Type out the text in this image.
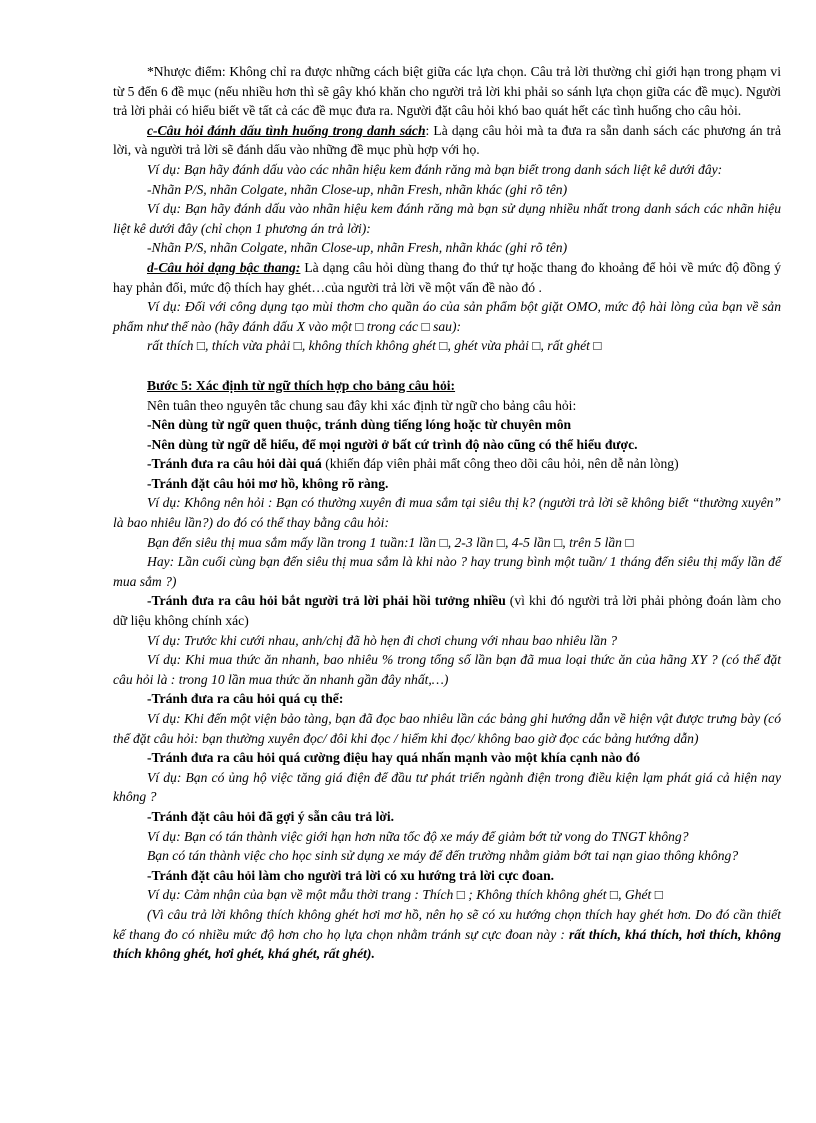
*Nhược điểm: Không chỉ ra được những cách biệt giữa các lựa chọn. Câu trả lời thường chỉ giới hạn trong phạm vi từ 5 đến 6 đề mục (nếu nhiều hơn thì sẽ gây khó khăn cho người trả lời khi phải so sánh lựa chọn giữa các đề mục). Người trả lời phải có hiểu biết về tất cả các đề mục đưa ra. Người đặt câu hỏi khó bao quát hết các tình huống cho câu hỏi.

c-Câu hỏi đánh dấu tình huống trong danh sách: Là dạng câu hỏi mà ta đưa ra sẵn danh sách các phương án trả lời, và người trả lời sẽ đánh dấu vào những đề mục phù hợp với họ.

Ví dụ: Bạn hãy đánh dấu vào các nhãn hiệu kem đánh răng mà bạn biết trong danh sách liệt kê dưới đây:

-Nhãn P/S, nhãn Colgate, nhãn Close-up, nhãn Fresh, nhãn khác (ghi rõ tên)

Ví dụ: Bạn hãy đánh dấu vào nhãn hiệu kem đánh răng mà bạn sử dụng nhiều nhất trong danh sách các nhãn hiệu liệt kê dưới đây (chỉ chọn 1 phương án trả lời):

-Nhãn P/S, nhãn Colgate, nhãn Close-up, nhãn Fresh, nhãn khác (ghi rõ tên)

d-Câu hỏi dạng bậc thang: Là dạng câu hỏi dùng thang đo thứ tự hoặc thang đo khoảng để hỏi về mức độ đồng ý hay phản đối, mức độ thích hay ghét…của người trả lời về một vấn đề nào đó .

Ví dụ: Đối với công dụng tạo mùi thơm cho quần áo của sản phẩm bột giặt OMO, mức độ hài lòng của bạn về sản phẩm như thế nào (hãy đánh dấu X vào một □ trong các □ sau):

rất thích □, thích vừa phải □, không thích không ghét □, ghét vừa phải □, rất ghét □

Bước 5: Xác định từ ngữ thích hợp cho bảng câu hỏi:

Nên tuân theo nguyên tắc chung sau đây khi xác định từ ngữ cho bảng câu hỏi:

-Nên dùng từ ngữ quen thuộc, tránh dùng tiếng lóng hoặc từ chuyên môn

-Nên dùng từ ngữ dễ hiểu, để mọi người ở bất cứ trình độ nào cũng có thể hiểu được.

-Tránh đưa ra câu hỏi dài quá (khiến đáp viên phải mất công theo dõi câu hỏi, nên dễ nản lòng)

-Tránh đặt câu hỏi mơ hồ, không rõ ràng.

Ví dụ: Không nên hỏi : Bạn có thường xuyên đi mua sắm tại siêu thị k? (người trả lời sẽ không biết “thường xuyên” là bao nhiêu lần?) do đó có thể thay bằng câu hỏi:

Bạn đến siêu thị mua sắm mấy lần trong 1 tuần:1 lần □, 2-3 lần □, 4-5 lần □, trên 5 lần □

Hay: Lần cuối cùng bạn đến siêu thị mua sắm là khi nào ? hay trung bình một tuần/ 1 tháng đến siêu thị mấy lần để mua sắm ?)

-Tránh đưa ra câu hỏi bắt người trả lời phải hồi tưởng nhiều (vì khi đó người trả lời phải phỏng đoán làm cho dữ liệu không chính xác)

Ví dụ: Trước khi cưới nhau, anh/chị đã hò hẹn đi chơi chung với nhau bao nhiêu lần ?

Ví dụ: Khi mua thức ăn nhanh, bao nhiêu % trong tổng số lần bạn đã mua loại thức ăn của hãng XY ? (có thể đặt câu hỏi là : trong 10 lần mua thức ăn nhanh gần đây nhất,…)

-Tránh đưa ra câu hỏi quá cụ thể:

Ví dụ: Khi đến một viện bảo tàng, bạn đã đọc bao nhiêu lần các bảng ghi hướng dẫn về hiện vật được trưng bày (có thể đặt câu hỏi: bạn thường xuyên đọc/ đôi khi đọc / hiếm khi đọc/ không bao giờ đọc các bảng hướng dẫn)

-Tránh đưa ra câu hỏi quá cường điệu hay quá nhấn mạnh vào một khía cạnh nào đó

Ví dụ: Bạn có ủng hộ việc tăng giá điện để đầu tư phát triển ngành điện trong điều kiện lạm phát giá cả hiện nay không ?

-Tránh đặt câu hỏi đã gợi ý sẵn câu trả lời.

Ví dụ: Bạn có tán thành việc giới hạn hơn nữa tốc độ xe máy để giảm bớt tử vong do TNGT không?

Bạn có tán thành việc cho học sinh sử dụng xe máy để đến trường nhằm giảm bớt tai nạn giao thông không?

-Tránh đặt câu hỏi làm cho người trả lời có xu hướng trả lời cực đoan.

Ví dụ: Cảm nhận của bạn về một mẫu thời trang : Thích □ ; Không thích không ghét □, Ghét □

(Vì câu trả lời không thích không ghét hơi mơ hồ, nên họ sẽ có xu hướng chọn thích hay ghét hơn. Do đó cần thiết kế thang đo có nhiều mức độ hơn cho họ lựa chọn nhằm tránh sự cực đoan này : rất thích, khá thích, hơi thích, không thích không ghét, hơi ghét, khá ghét, rất ghét).
